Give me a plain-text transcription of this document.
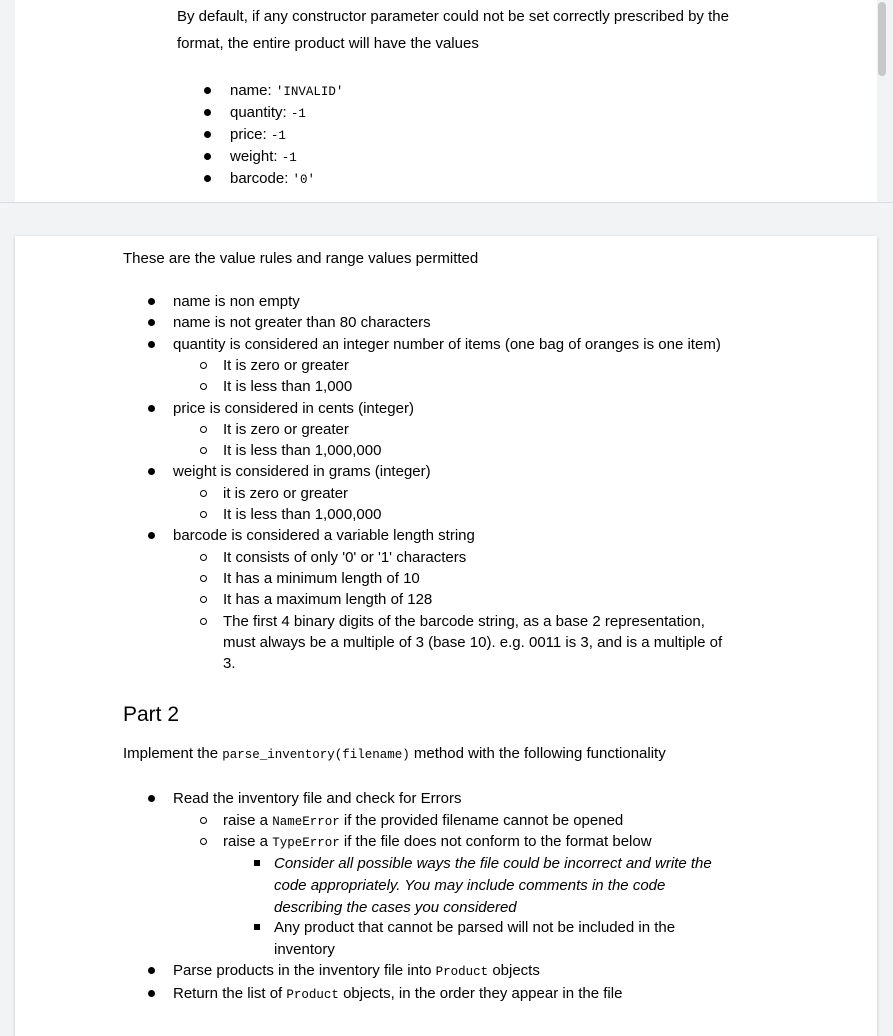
By default, if any constructor parameter could not be set correctly prescribed by the
format, the entire product will have the values
name: 'INVALID'
quantity: -1
price: -1
weight: -1
barcode: '0'
These are the value rules and range values permitted
name is non empty
name is not greater than 80 characters
quantity is considered an integer number of items (one bag of oranges is one item)
It is zero or greater
It is less than 1,000
price is considered in cents (integer)
It is zero or greater
It is less than 1,000,000
weight is considered in grams (integer)
it is zero or greater
It is less than 1,000,000
barcode is considered a variable length string
It consists of only '0' or '1' characters
It has a minimum length of 10
It has a maximum length of 128
The first 4 binary digits of the barcode string, as a base 2 representation,
must always be a multiple of 3 (base 10). e.g. 0011 is 3, and is a multiple of
3.
Part 2
Implement the parse_inventory(filename) method with the following functionality
Read the inventory file and check for Errors
raise a NameError if the provided filename cannot be opened
raise a TypeError if the file does not conform to the format below
Consider all possible ways the file could be incorrect and write the
code appropriately. You may include comments in the code
describing the cases you considered
Any product that cannot be parsed will not be included in the
inventory
Parse products in the inventory file into Product objects
Return the list of Product objects, in the order they appear in the file
